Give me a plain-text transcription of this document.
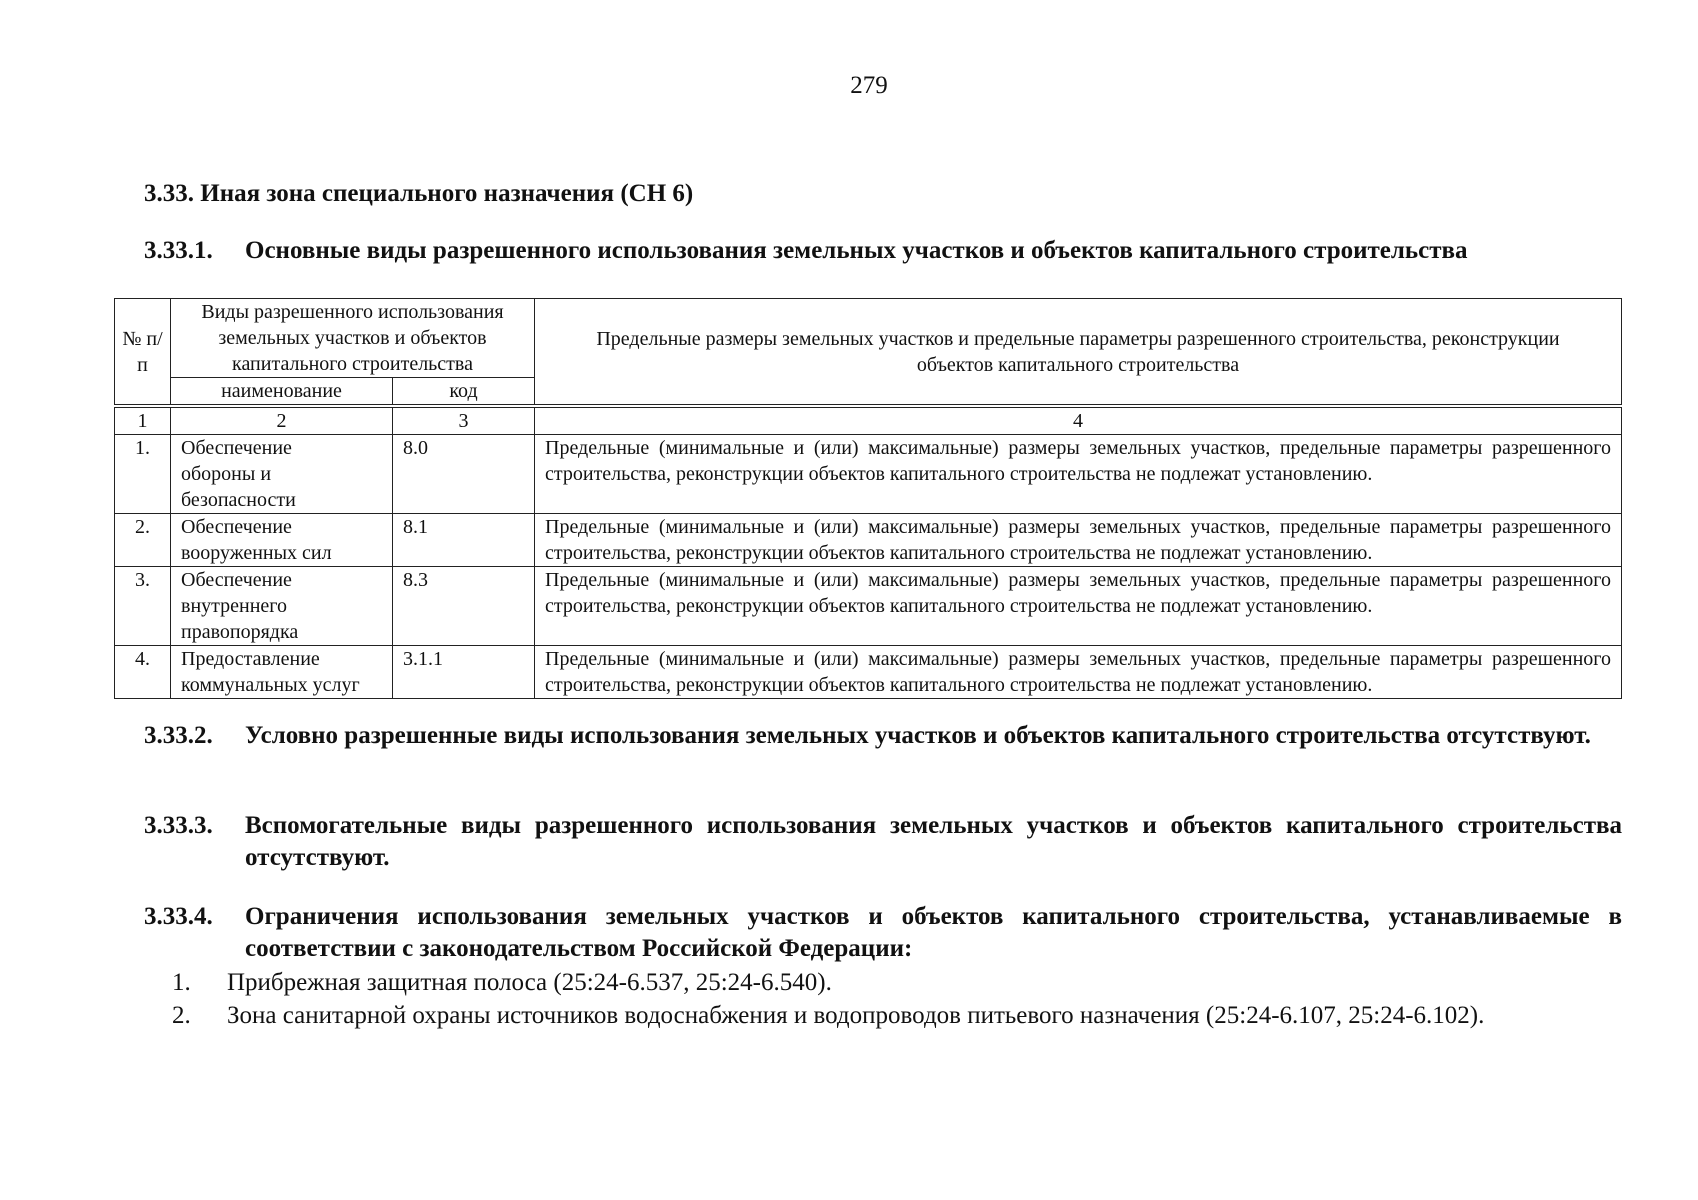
279
3.33. Иная зона специального назначения (СН 6)
3.33.1.	Основные виды разрешенного использования земельных участков и объектов капитального строительства
№ п/п	Виды разрешенного использования земельных участков и объектов капитального строительства		Предельные размеры земельных участков и предельные параметры разрешенного строительства, реконструкции объектов капитального строительства
	наименование	код	
1	2	3	4
1.	Обеспечение обороны и безопасности	8.0	Предельные (минимальные и (или) максимальные) размеры земельных участков, предельные параметры разрешенного строительства, реконструкции объектов капитального строительства не подлежат установлению.
2.	Обеспечение вооруженных сил	8.1	Предельные (минимальные и (или) максимальные) размеры земельных участков, предельные параметры разрешенного строительства, реконструкции объектов капитального строительства не подлежат установлению.
3.	Обеспечение внутреннего правопорядка	8.3	Предельные (минимальные и (или) максимальные) размеры земельных участков, предельные параметры разрешенного строительства, реконструкции объектов капитального строительства не подлежат установлению.
4.	Предоставление коммунальных услуг	3.1.1	Предельные (минимальные и (или) максимальные) размеры земельных участков, предельные параметры разрешенного строительства, реконструкции объектов капитального строительства не подлежат установлению.
3.33.2.	Условно разрешенные виды использования земельных участков и объектов капитального строительства отсутствуют.
3.33.3.	Вспомогательные виды разрешенного использования земельных участков и объектов капитального строительства отсутствуют.
3.33.4.	Ограничения использования земельных участков и объектов капитального строительства, устанавливаемые в соответствии с законодательством Российской Федерации:
1. Прибрежная защитная полоса (25:24-6.537, 25:24-6.540).
2. Зона санитарной охраны источников водоснабжения и водопроводов питьевого назначения (25:24-6.107, 25:24-6.102).
